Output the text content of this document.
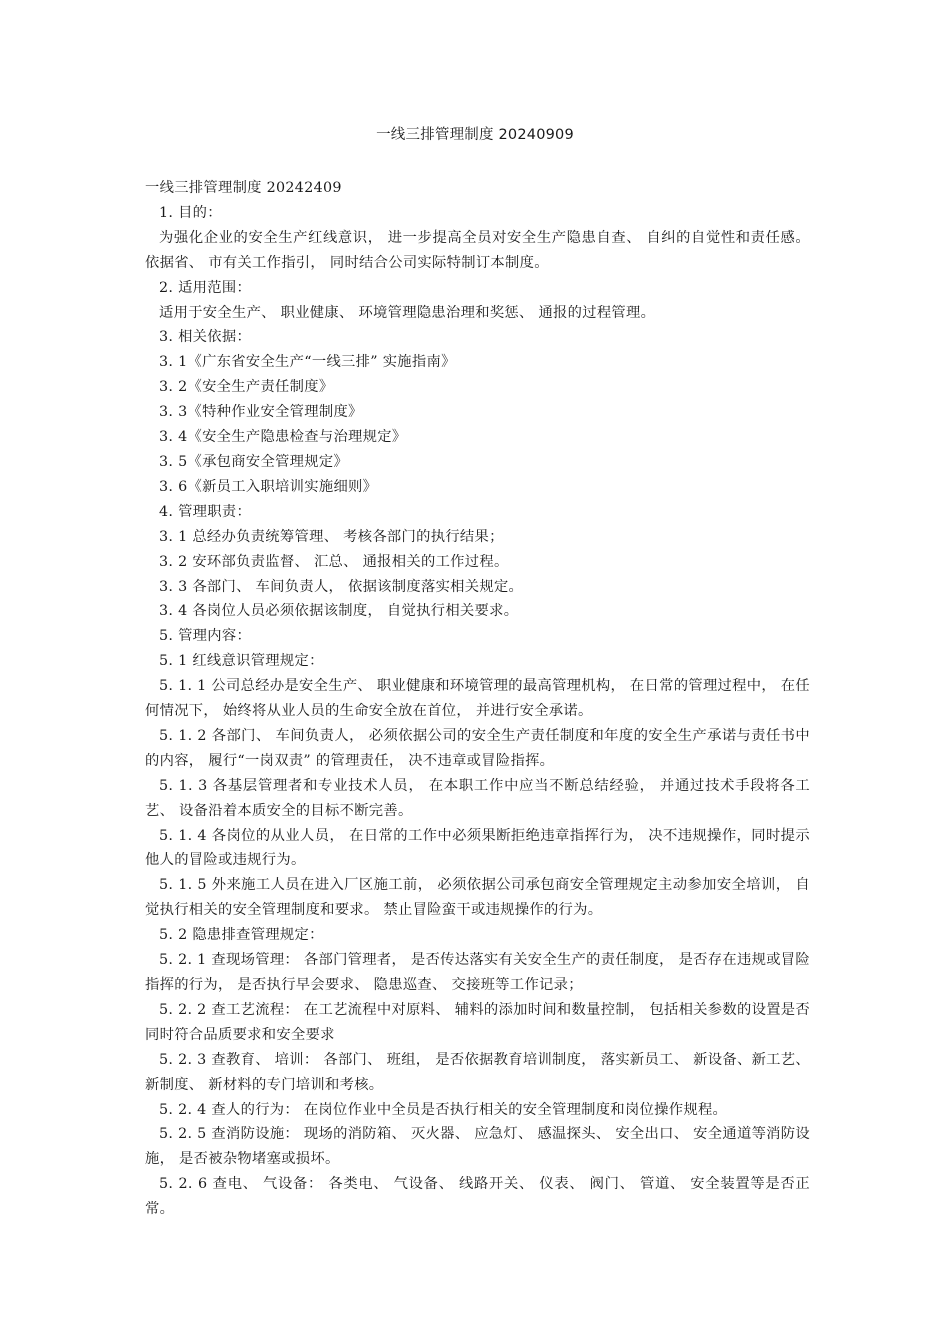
一线三排管理制度 20240909

一线三排管理制度 20242409

1. 目的：

为强化企业的安全生产红线意识， 进一步提高全员对安全生产隐患自查、 自纠的自觉性和责任感。 依据省、 市有关工作指引， 同时结合公司实际特制订本制度。

2. 适用范围：

适用于安全生产、 职业健康、 环境管理隐患治理和奖惩、 通报的过程管理。

3. 相关依据：

3. 1《广东省安全生产“一线三排” 实施指南》

3. 2《安全生产责任制度》

3. 3《特种作业安全管理制度》

3. 4《安全生产隐患检查与治理规定》

3. 5《承包商安全管理规定》

3. 6《新员工入职培训实施细则》

4. 管理职责：

3. 1 总经办负责统筹管理、 考核各部门的执行结果；

3. 2 安环部负责监督、 汇总、 通报相关的工作过程。

3. 3 各部门、 车间负责人， 依据该制度落实相关规定。

3. 4 各岗位人员必须依据该制度， 自觉执行相关要求。

5. 管理内容：

5. 1 红线意识管理规定：

5. 1. 1 公司总经办是安全生产、 职业健康和环境管理的最高管理机构， 在日常的管理过程中， 在任何情况下， 始终将从业人员的生命安全放在首位， 并进行安全承诺。

5. 1. 2 各部门、 车间负责人， 必须依据公司的安全生产责任制度和年度的安全生产承诺与责任书中的内容， 履行“一岗双责” 的管理责任， 决不违章或冒险指挥。

5. 1. 3 各基层管理者和专业技术人员， 在本职工作中应当不断总结经验， 并通过技术手段将各工艺、 设备沿着本质安全的目标不断完善。

5. 1. 4 各岗位的从业人员， 在日常的工作中必须果断拒绝违章指挥行为， 决不违规操作，同时提示他人的冒险或违规行为。

5. 1. 5 外来施工人员在进入厂区施工前， 必须依据公司承包商安全管理规定主动参加安全培训， 自觉执行相关的安全管理制度和要求。 禁止冒险蛮干或违规操作的行为。

5. 2 隐患排查管理规定：

5. 2. 1 查现场管理： 各部门管理者， 是否传达落实有关安全生产的责任制度， 是否存在违规或冒险指挥的行为， 是否执行早会要求、 隐患巡查、 交接班等工作记录；

5. 2. 2 查工艺流程： 在工艺流程中对原料、 辅料的添加时间和数量控制， 包括相关参数的设置是否同时符合品质要求和安全要求

5. 2. 3 查教育、 培训： 各部门、 班组， 是否依据教育培训制度， 落实新员工、 新设备、新工艺、 新制度、 新材料的专门培训和考核。

5. 2. 4 查人的行为： 在岗位作业中全员是否执行相关的安全管理制度和岗位操作规程。

5. 2. 5 查消防设施： 现场的消防箱、 灭火器、 应急灯、 感温探头、 安全出口、 安全通道等消防设施， 是否被杂物堵塞或损坏。

5. 2. 6 查电、 气设备： 各类电、 气设备、 线路开关、 仪表、 阀门、 管道、 安全装置等是否正常。
